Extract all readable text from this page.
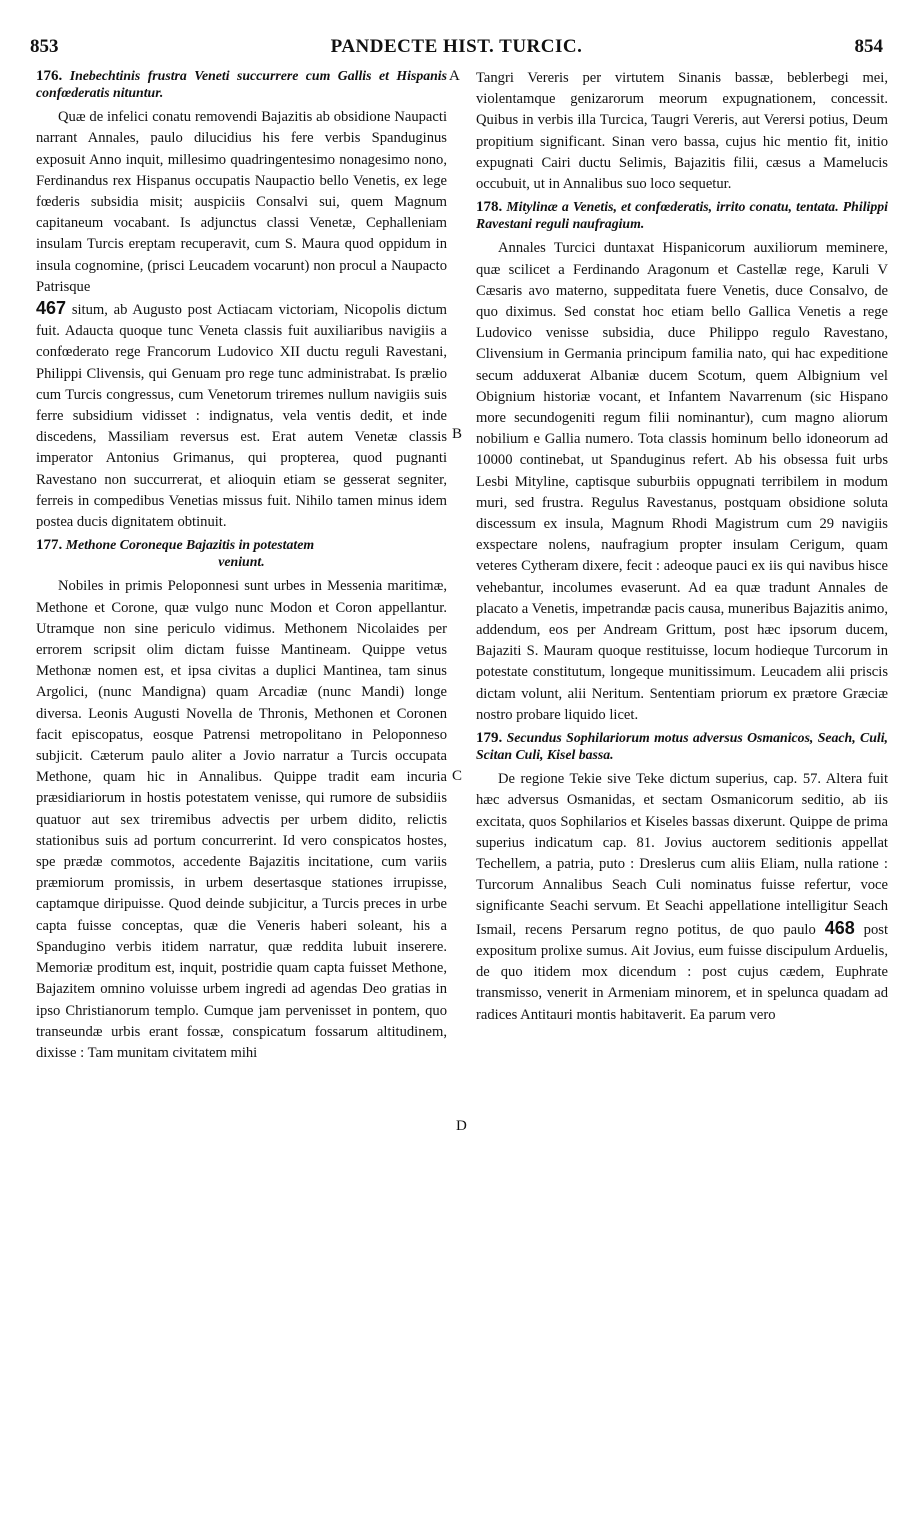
853	PANDECTE HIST. TURCIC.	854
A
B
C
D
176. Inebechtinis frustra Veneti succurrere cum Gallis et Hispanis confœderatis nituntur.

Quæ de infelici conatu removendi Bajazitis ab obsidione Naupacti narrant Annales, paulo dilucidius his fere verbis Spanduginus exposuit Anno inquit, millesimo quadringentesimo nonagesimo nono, Ferdinandus rex Hispanus occupatis Naupactio bello Venetis, ex lege fœderis subsidia misit; auspiciis Consalvi sui, quem Magnum capitaneum vocabant. Is adjunctus classi Venetæ, Cephalleniam insulam Turcis ereptam recuperavit, cum S. Maura quod oppidum in insula cognomine, (prisci Leucadem vocarunt) non procul a Naupacto Patrisque
467 situm, ab Augusto post Actiacam victoriam, Nicopolis dictum fuit. Adaucta quoque tunc Veneta classis fuit auxiliaribus navigiis a confœderato rege Francorum Ludovico XII ductu reguli Ravestani, Philippi Clivensis, qui Genuam pro rege tunc administrabat. Is prælio cum Turcis congressus, cum Venetorum triremes nullum navigiis suis ferre subsidium vidisset : indignatus, vela ventis dedit, et inde discedens, Massiliam reversus est. Erat autem Venetæ classis imperator Antonius Grimanus, qui propterea, quod pugnanti Ravestano non succurrerat, et alioquin etiam se gesserat segniter, ferreis in compedibus Venetias missus fuit. Nihilo tamen minus idem postea ducis dignitatem obtinuit.

177. Methone Coroneque Bajazitis in potestatem
veniunt.

Nobiles in primis Peloponnesi sunt urbes in Messenia maritimæ, Methone et Corone, quæ vulgo nunc Modon et Coron appellantur. Utramque non sine periculo vidimus. Methonem Nicolaides per errorem scripsit olim dictam fuisse Mantineam. Quippe vetus Methonæ nomen est, et ipsa civitas a duplici Mantinea, tam sinus Argolici, (nunc Mandigna) quam Arcadiæ (nunc Mandi) longe diversa. Leonis Augusti Novella de Thronis, Methonen et Coronen facit episcopatus, eosque Patrensi metropolitano in Peloponneso subjicit. Cæterum paulo aliter a Jovio narratur a Turcis occupata Methone, quam hic in Annalibus. Quippe tradit eam incuria præsidiariorum in hostis potestatem venisse, qui rumore de subsidiis quatuor aut sex triremibus advectis per urbem didito, relictis stationibus suis ad portum concurrerint. Id vero conspicatos hostes, spe prædæ commotos, accedente Bajazitis incitatione, cum variis præmiorum promissis, in urbem desertasque stationes irrupisse, captamque diripuisse. Quod deinde subjicitur, a Turcis preces in urbe capta fuisse conceptas, quæ die Veneris haberi soleant, his a Spandugino verbis itidem narratur, quæ reddita lubuit inserere. Memoriæ proditum est, inquit, postridie quam capta fuisset Methone, Bajazitem omnino voluisse urbem ingredi ad agendas Deo gratias in ipso Christianorum templo. Cumque jam pervenisset in pontem, quo transeundæ urbis erant fossæ, conspicatum fossarum altitudinem, dixisse : Tam munitam civitatem mihi

Tangri Vereris per virtutem Sinanis bassæ, beblerbegi mei, violentamque genizarorum meorum expugnationem, concessit. Quibus in verbis illa Turcica, Taugri Vereris, aut Verersi potius, Deum propitium significant. Sinan vero bassa, cujus hic mentio fit, initio expugnati Cairi ductu Selimis, Bajazitis filii, cæsus a Mamelucis occubuit, ut in Annalibus suo loco sequetur.

178. Mitylinæ a Venetis, et confœderatis, irrito conatu, tentata. Philippi Ravestani reguli naufragium.

Annales Turcici duntaxat Hispanicorum auxiliorum meminere, quæ scilicet a Ferdinando Aragonum et Castellæ rege, Karuli V Cæsaris avo materno, suppeditata fuere Venetis, duce Consalvo, de quo diximus. Sed constat hoc etiam bello Gallica Venetis a rege Ludovico venisse subsidia, duce Philippo regulo Ravestano, Clivensium in Germania principum familia nato, qui hac expeditione secum adduxerat Albaniæ ducem Scotum, quem Albignium vel Obignium historiæ vocant, et Infantem Navarrenum (sic Hispano more secundogeniti regum filii nominantur), cum magno aliorum nobilium e Gallia numero. Tota classis hominum bello idoneorum ad 10000 continebat, ut Spanduginus refert. Ab his obsessa fuit urbs Lesbi Mityline, captisque suburbiis oppugnati terribilem in modum muri, sed frustra. Regulus Ravestanus, postquam obsidione soluta discessum ex insula, Magnum Rhodi Magistrum cum 29 navigiis exspectare nolens, naufragium propter insulam Cerigum, quam veteres Cytheram dixere, fecit : adeoque pauci ex iis qui navibus hisce vehebantur, incolumes evaserunt. Ad ea quæ tradunt Annales de placato a Venetis, impetrandæ pacis causa, muneribus Bajazitis animo, addendum, eos per Andream Grittum, post hæc ipsorum ducem, Bajaziti S. Mauram quoque restituisse, locum hodieque Turcorum in potestate constitutum, longeque munitissimum. Leucadem alii priscis dictam volunt, alii Neritum. Sententiam priorum ex prætore Græciæ nostro probare liquido licet.

179. Secundus Sophilariorum motus adversus Osmanicos, Seach, Culi, Scitan Culi, Kisel bassa.

De regione Tekie sive Teke dictum superius, cap. 57. Altera fuit hæc adversus Osmanidas, et sectam Osmanicorum seditio, ab iis excitata, quos Sophilarios et Kiseles bassas dixerunt. Quippe de prima superius indicatum cap. 81. Jovius auctorem seditionis appellat Techellem, a patria, puto : Dreslerus cum aliis Eliam, nulla ratione : Turcorum Annalibus Seach Culi nominatus fuisse refertur, voce significante Seachi servum. Et Seachi appellatione intelligitur Seach Ismail, recens Persarum regno potitus, de quo paulo 468 post expositum prolixe sumus. Ait Jovius, eum fuisse discipulum Arduelis, de quo itidem mox dicendum : post cujus cædem, Euphrate transmisso, venerit in Armeniam minorem, et in spelunca quadam ad radices Antitauri montis habitaverit. Ea parum vero
